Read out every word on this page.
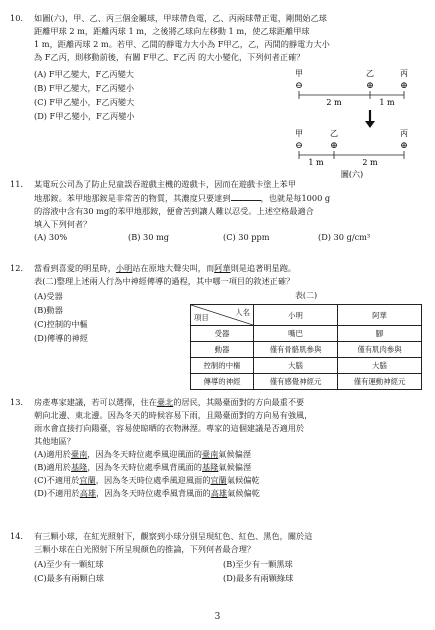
10.	如圖(六)，甲、乙、丙三個金屬球，甲球帶負電，乙、丙兩球帶正電，剛開始乙球

距離甲球 2 m，距離丙球 1 m，之後將乙球向左移動 1 m，使乙球距離甲球

1 m，距離丙球 2 m。若甲、乙間的靜電力大小為 F甲乙，乙，丙間的靜電力大小

為 F乙丙，則移動前後，有關 F甲乙、F乙丙 的大小變化，下列何者正確？

(A) F甲乙變大，F乙丙變大
(B) F甲乙變大，F乙丙變小
(C) F甲乙變小，F乙丙變大
(D) F甲乙變小，F乙丙變小
甲	乙	丙
⊖	⊕	⊕
2 m	1 m
甲	乙	丙
⊖	⊕	⊕
1 m	2 m
圖(六)
11.	某電玩公司為了防止兒童誤吞遊戲主機的遊戲卡，因而在遊戲卡塗上苯甲

地那銨。苯甲地那銨是非常苦的物質，其濃度只要達到	，也就是每1000 g

的溶液中含有30 mg的苯甲地那銨，便會苦到讓人難以忍受。上述空格最適合

填入下列何者？

(A) 30%	(B) 30 mg	(C) 30 ppm	(D) 30 g/cm³
12.	當看到喜愛的明星時，小明站在原地大聲尖叫，而阿華則是追著明星跑。

表(二)整理上述兩人行為中神經傳導的過程，其中哪一項目的敘述正確？

(A)受器
(B)動器
(C)控制的中樞
(D)傳導的神經
表(二)
人名
項目	小明	阿華
受器	嘴巴	腳
動器	僅有骨骼肌參與	僅有肌肉參與
控制的中樞	大腦	大腦
傳導的神經	僅有感覺神經元	僅有運動神經元
13.	房產專家建議，若可以選擇，住在臺北的居民，其陽臺面對的方向最重不要

朝向北邊、東北邊。因為冬天的時候容易下雨，且陽臺面對的方向易有強風，

雨水會直接打向陽臺，容易使晾晒的衣物淋溼。專家的這個建議是否適用於

其他地區？

(A)適用於臺南，因為冬天時位處季風迎風面的臺南氣候偏溼

(B)適用於基隆，因為冬天時位處季風背風面的基隆氣候偏溼

(C)不適用於宜蘭，因為冬天時位處季風迎風面的宜蘭氣候偏乾

(D)不適用於高雄，因為冬天時位處季風背風面的高雄氣候偏乾

14.	有三顆小球，在紅光照射下，觀察到小球分別呈現紅色、紅色、黑色，關於這

三顆小球在白光照射下所呈現顏色的推論，下列何者最合理？

(A)至少有一顆紅球	(B)至少有一顆黑球
(C)最多有兩顆白球	(D)最多有兩顆綠球
3
